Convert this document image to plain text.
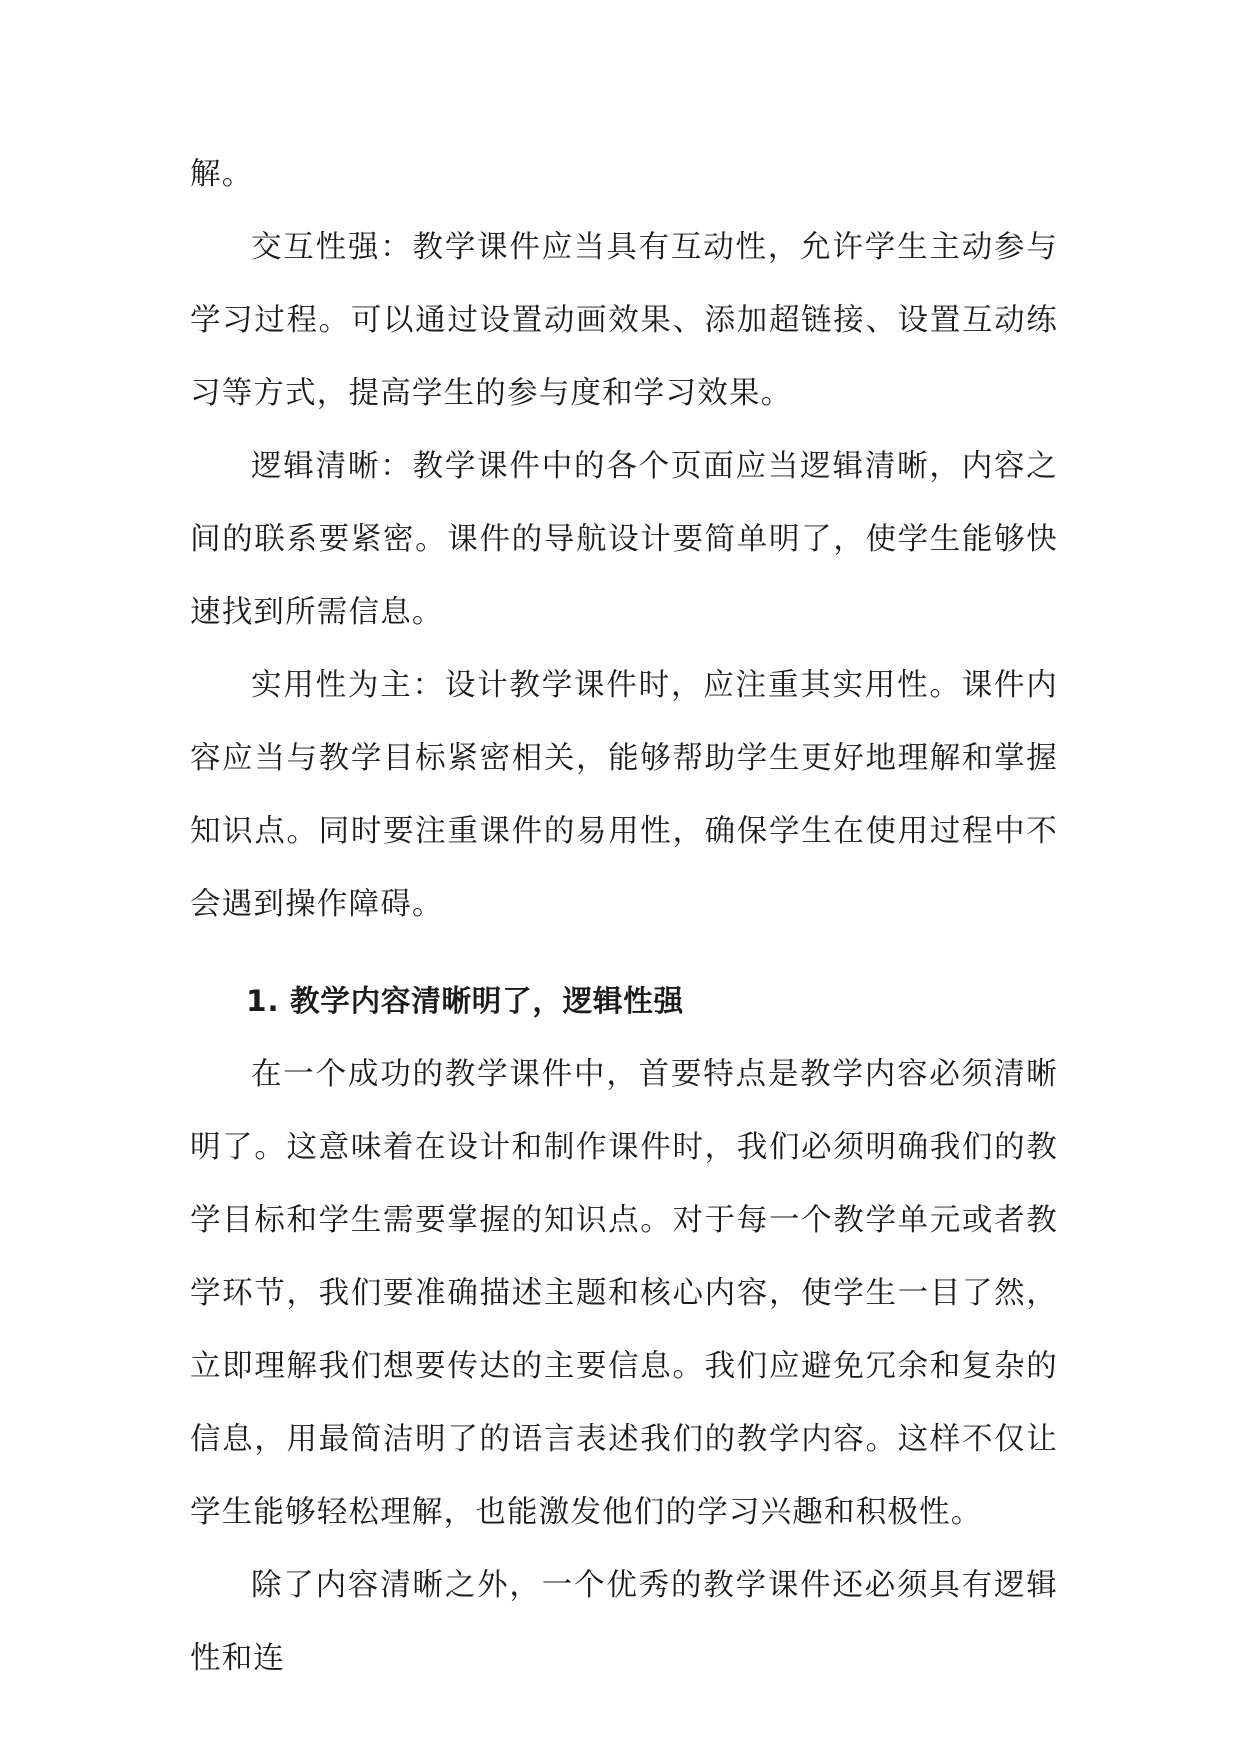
解。

交互性强：教学课件应当具有互动性，允许学生主动参与学习过程。可以通过设置动画效果、添加超链接、设置互动练习等方式，提高学生的参与度和学习效果。

逻辑清晰：教学课件中的各个页面应当逻辑清晰，内容之间的联系要紧密。课件的导航设计要简单明了，使学生能够快速找到所需信息。

实用性为主：设计教学课件时，应注重其实用性。课件内容应当与教学目标紧密相关，能够帮助学生更好地理解和掌握知识点。同时要注重课件的易用性，确保学生在使用过程中不会遇到操作障碍。

1. 教学内容清晰明了，逻辑性强

在一个成功的教学课件中，首要特点是教学内容必须清晰明了。这意味着在设计和制作课件时，我们必须明确我们的教学目标和学生需要掌握的知识点。对于每一个教学单元或者教学环节，我们要准确描述主题和核心内容，使学生一目了然，立即理解我们想要传达的主要信息。我们应避免冗余和复杂的信息，用最简洁明了的语言表述我们的教学内容。这样不仅让学生能够轻松理解，也能激发他们的学习兴趣和积极性。

除了内容清晰之外，一个优秀的教学课件还必须具有逻辑性和连
